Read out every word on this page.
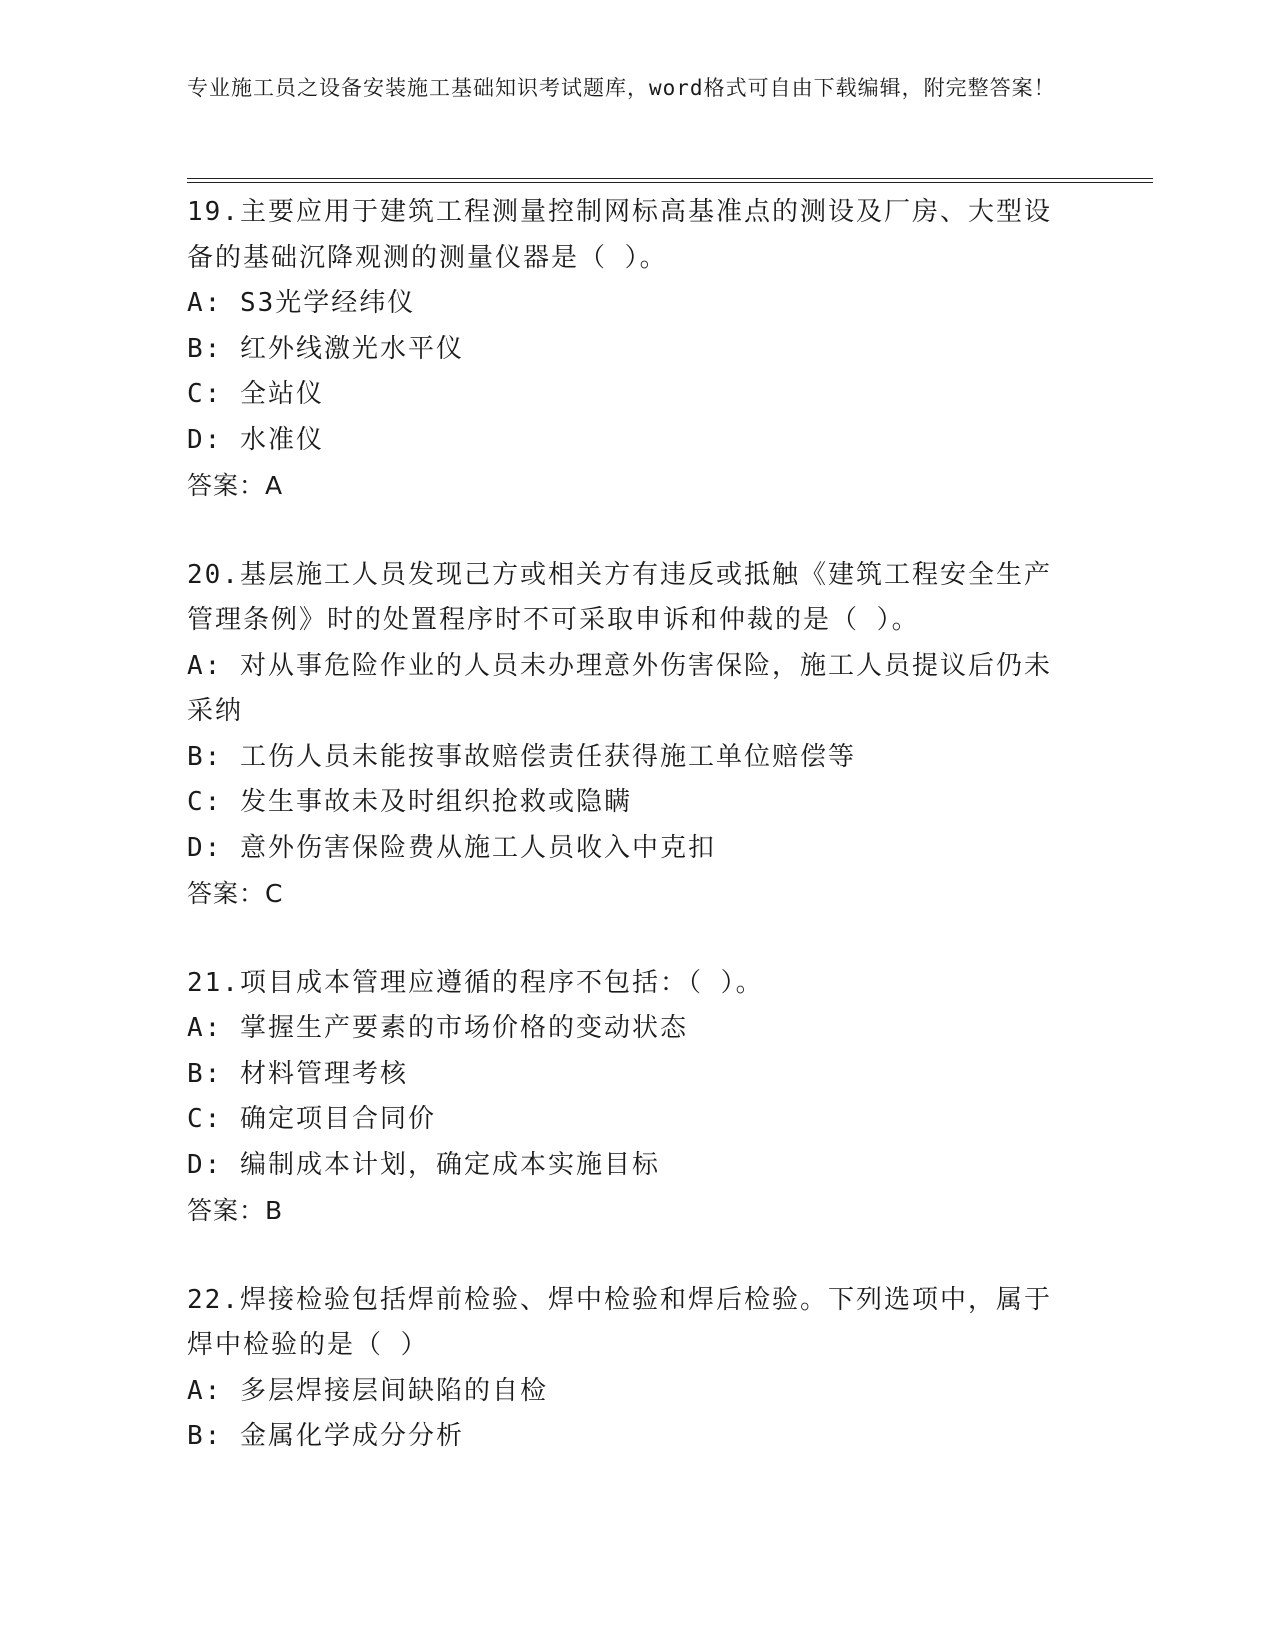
专业施工员之设备安装施工基础知识考试题库，word格式可自由下载编辑，附完整答案！
19.主要应用于建筑工程测量控制网标高基准点的测设及厂房、大型设备的基础沉降观测的测量仪器是（ ）。
A: S3光学经纬仪
B: 红外线激光水平仪
C: 全站仪
D: 水准仪
答案：A
20.基层施工人员发现己方或相关方有违反或抵触《建筑工程安全生产管理条例》时的处置程序时不可采取申诉和仲裁的是（ ）。
A: 对从事危险作业的人员未办理意外伤害保险，施工人员提议后仍未采纳
B: 工伤人员未能按事故赔偿责任获得施工单位赔偿等
C: 发生事故未及时组织抢救或隐瞒
D: 意外伤害保险费从施工人员收入中克扣
答案：C
21.项目成本管理应遵循的程序不包括：（ ）。
A: 掌握生产要素的市场价格的变动状态
B: 材料管理考核
C: 确定项目合同价
D: 编制成本计划，确定成本实施目标
答案：B
22.焊接检验包括焊前检验、焊中检验和焊后检验。下列选项中，属于焊中检验的是（ ）
A: 多层焊接层间缺陷的自检
B: 金属化学成分分析
